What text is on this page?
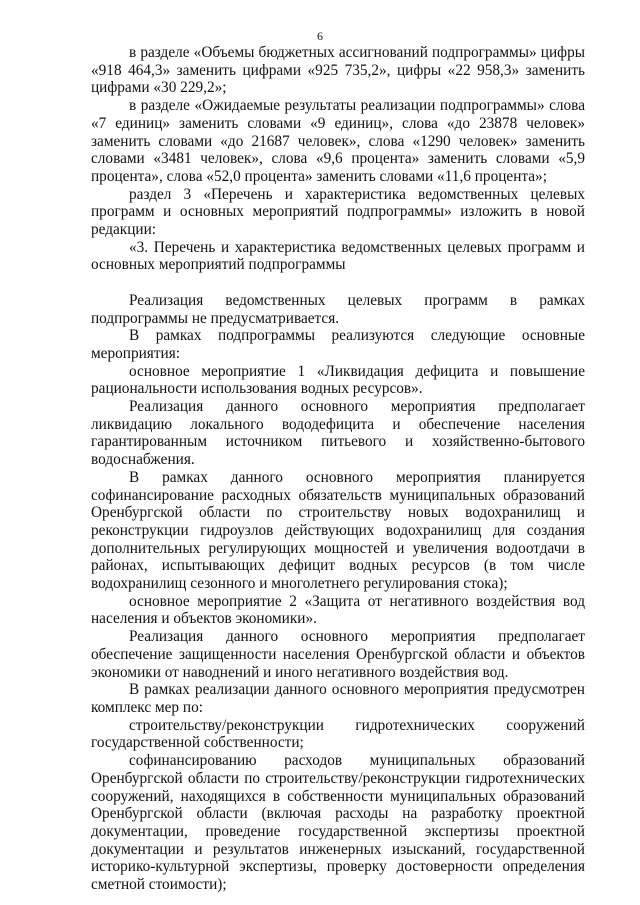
6

в разделе «Объемы бюджетных ассигнований подпрограммы» цифры «918 464,3» заменить цифрами «925 735,2», цифры «22 958,3» заменить цифрами «30 229,2»;

в разделе «Ожидаемые результаты реализации подпрограммы» слова «7 единиц» заменить словами «9 единиц», слова «до 23878 человек» заменить словами «до 21687 человек», слова «1290 человек» заменить словами «3481 человек», слова «9,6 процента» заменить словами «5,9 процента», слова «52,0 процента» заменить словами «11,6 процента»;

раздел 3 «Перечень и характеристика ведомственных целевых программ и основных мероприятий подпрограммы» изложить в новой редакции:

«3. Перечень и характеристика ведомственных целевых программ и основных мероприятий подпрограммы

Реализация ведомственных целевых программ в рамках подпрограммы не предусматривается.

В рамках подпрограммы реализуются следующие основные мероприятия:

основное мероприятие 1 «Ликвидация дефицита и повышение рациональности использования водных ресурсов».

Реализация данного основного мероприятия предполагает ликвидацию локального вододефицита и обеспечение населения гарантированным источником питьевого и хозяйственно-бытового водоснабжения.

В рамках данного основного мероприятия планируется софинансирование расходных обязательств муниципальных образований Оренбургской области по строительству новых водохранилищ и реконструкции гидроузлов действующих водохранилищ для создания дополнительных регулирующих мощностей и увеличения водоотдачи в районах, испытывающих дефицит водных ресурсов (в том числе водохранилищ сезонного и многолетнего регулирования стока);

основное мероприятие 2 «Защита от негативного воздействия вод населения и объектов экономики».

Реализация данного основного мероприятия предполагает обеспечение защищенности населения Оренбургской области и объектов экономики от наводнений и иного негативного воздействия вод.

В рамках реализации данного основного мероприятия предусмотрен комплекс мер по:

строительству/реконструкции гидротехнических сооружений государственной собственности;

софинансированию расходов муниципальных образований Оренбургской области по строительству/реконструкции гидротехнических сооружений, находящихся в собственности муниципальных образований Оренбургской области (включая расходы на разработку проектной документации, проведение государственной экспертизы проектной документации и результатов инженерных изысканий, государственной историко-культурной экспертизы, проверку достоверности определения сметной стоимости);
